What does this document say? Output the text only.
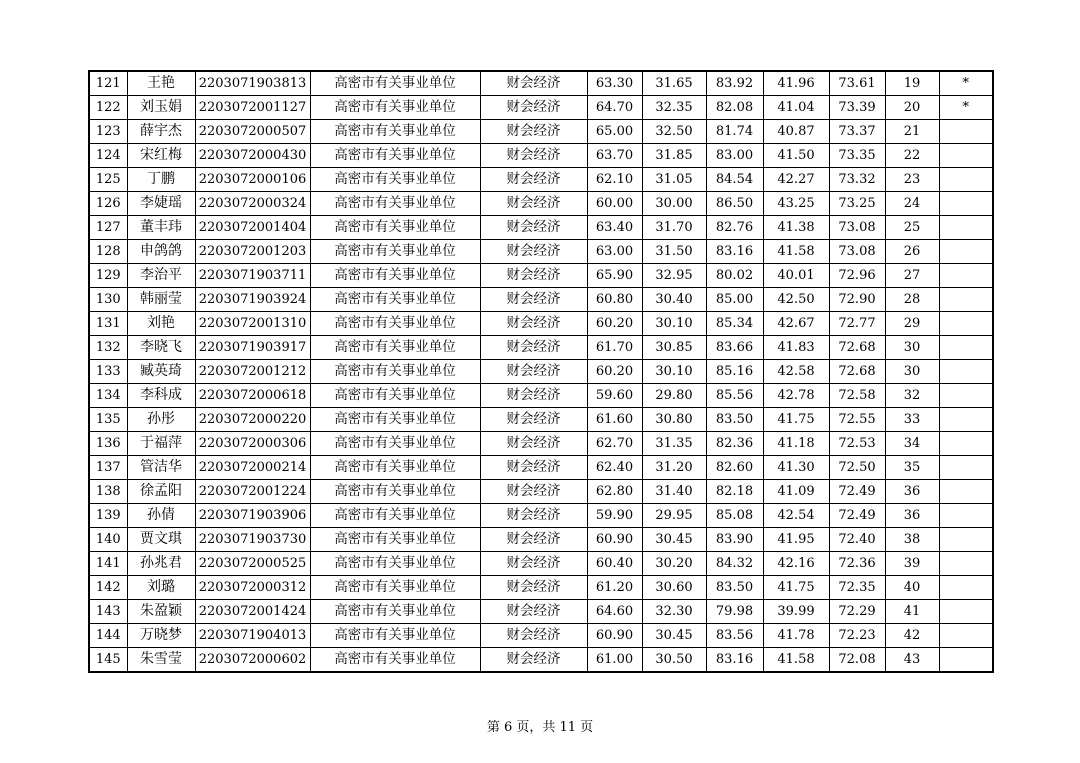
121	王艳	2203071903813	高密市有关事业单位	财会经济	63.30	31.65	83.92	41.96	73.61	19	*
122	刘玉娟	2203072001127	高密市有关事业单位	财会经济	64.70	32.35	82.08	41.04	73.39	20	*
123	薛宇杰	2203072000507	高密市有关事业单位	财会经济	65.00	32.50	81.74	40.87	73.37	21	
124	宋红梅	2203072000430	高密市有关事业单位	财会经济	63.70	31.85	83.00	41.50	73.35	22	
125	丁鹏	2203072000106	高密市有关事业单位	财会经济	62.10	31.05	84.54	42.27	73.32	23	
126	李婕瑶	2203072000324	高密市有关事业单位	财会经济	60.00	30.00	86.50	43.25	73.25	24	
127	董丰玮	2203072001404	高密市有关事业单位	财会经济	63.40	31.70	82.76	41.38	73.08	25	
128	申鸽鸽	2203072001203	高密市有关事业单位	财会经济	63.00	31.50	83.16	41.58	73.08	26	
129	李治平	2203071903711	高密市有关事业单位	财会经济	65.90	32.95	80.02	40.01	72.96	27	
130	韩丽莹	2203071903924	高密市有关事业单位	财会经济	60.80	30.40	85.00	42.50	72.90	28	
131	刘艳	2203072001310	高密市有关事业单位	财会经济	60.20	30.10	85.34	42.67	72.77	29	
132	李晓飞	2203071903917	高密市有关事业单位	财会经济	61.70	30.85	83.66	41.83	72.68	30	
133	臧英琦	2203072001212	高密市有关事业单位	财会经济	60.20	30.10	85.16	42.58	72.68	30	
134	李科成	2203072000618	高密市有关事业单位	财会经济	59.60	29.80	85.56	42.78	72.58	32	
135	孙彤	2203072000220	高密市有关事业单位	财会经济	61.60	30.80	83.50	41.75	72.55	33	
136	于福萍	2203072000306	高密市有关事业单位	财会经济	62.70	31.35	82.36	41.18	72.53	34	
137	管洁华	2203072000214	高密市有关事业单位	财会经济	62.40	31.20	82.60	41.30	72.50	35	
138	徐孟阳	2203072001224	高密市有关事业单位	财会经济	62.80	31.40	82.18	41.09	72.49	36	
139	孙倩	2203071903906	高密市有关事业单位	财会经济	59.90	29.95	85.08	42.54	72.49	36	
140	贾文琪	2203071903730	高密市有关事业单位	财会经济	60.90	30.45	83.90	41.95	72.40	38	
141	孙兆君	2203072000525	高密市有关事业单位	财会经济	60.40	30.20	84.32	42.16	72.36	39	
142	刘璐	2203072000312	高密市有关事业单位	财会经济	61.20	30.60	83.50	41.75	72.35	40	
143	朱盈颖	2203072001424	高密市有关事业单位	财会经济	64.60	32.30	79.98	39.99	72.29	41	
144	万晓梦	2203071904013	高密市有关事业单位	财会经济	60.90	30.45	83.56	41.78	72.23	42	
145	朱雪莹	2203072000602	高密市有关事业单位	财会经济	61.00	30.50	83.16	41.58	72.08	43	
第 6 页，共 11 页
